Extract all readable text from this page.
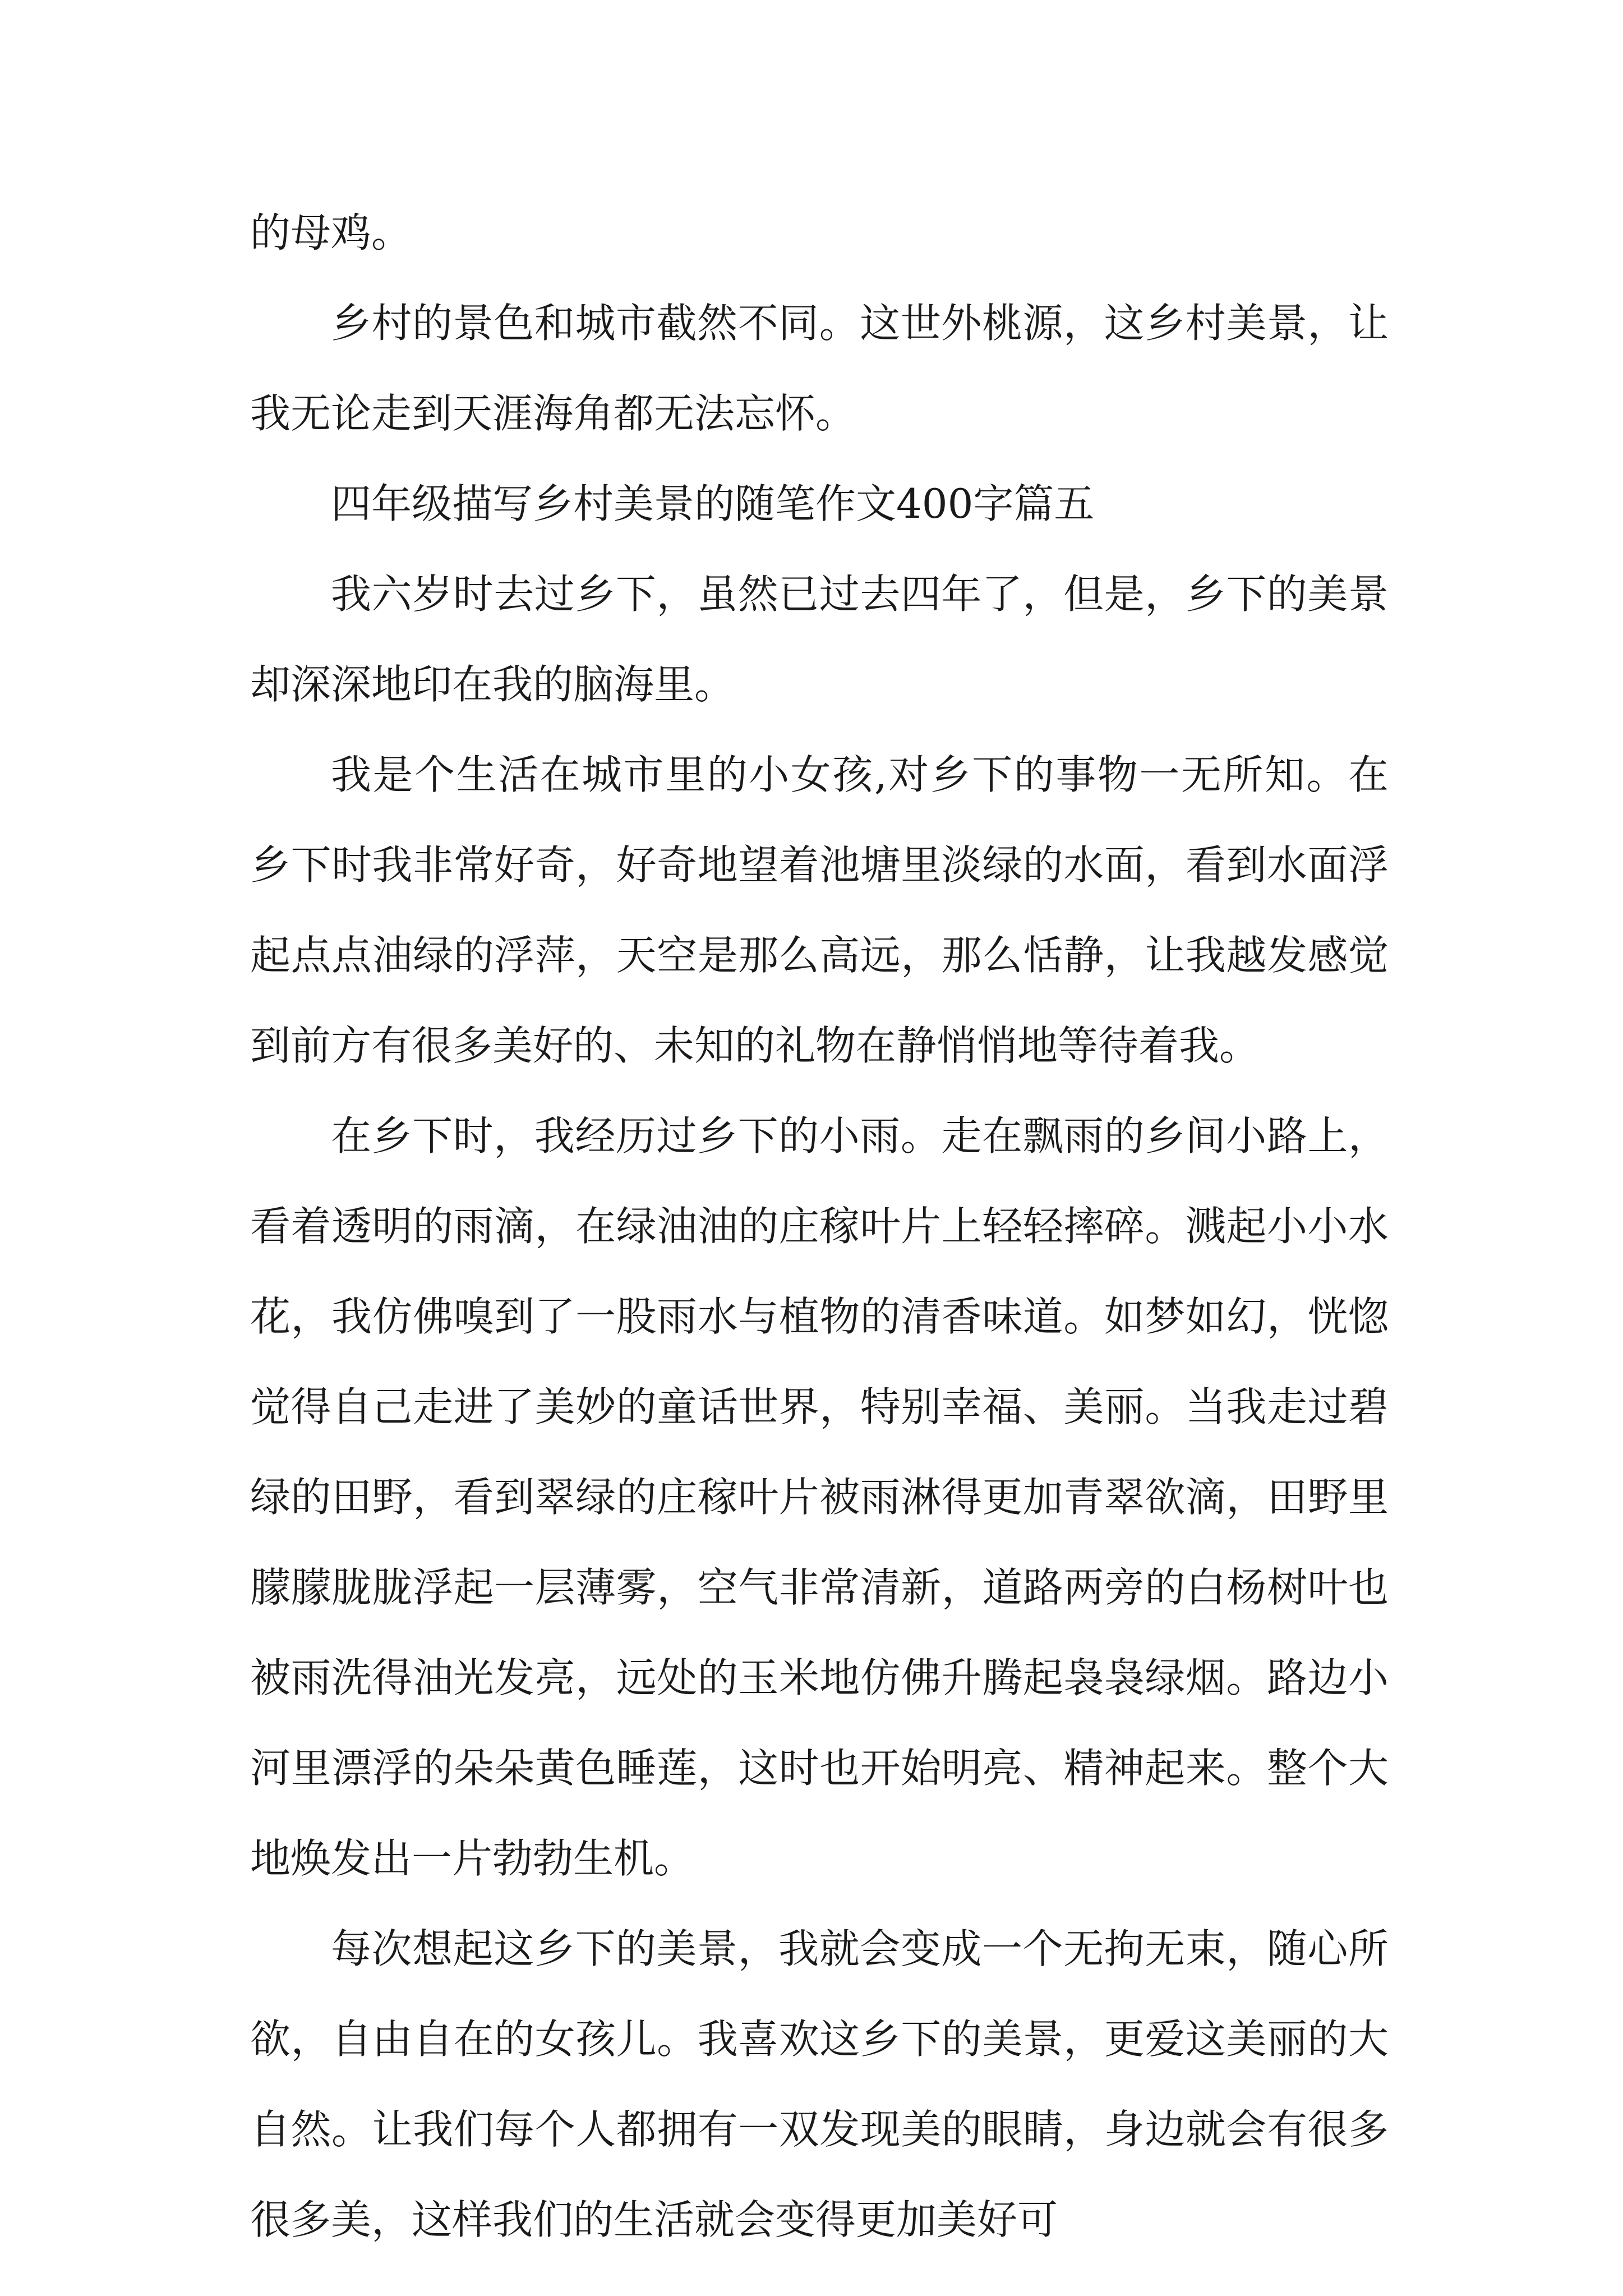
的母鸡。

乡村的景色和城市截然不同。这世外桃源，这乡村美景，让我无论走到天涯海角都无法忘怀。

四年级描写乡村美景的随笔作文400字篇五

我六岁时去过乡下，虽然已过去四年了，但是，乡下的美景却深深地印在我的脑海里。

我是个生活在城市里的小女孩,对乡下的事物一无所知。在乡下时我非常好奇，好奇地望着池塘里淡绿的水面，看到水面浮起点点油绿的浮萍，天空是那么高远，那么恬静，让我越发感觉到前方有很多美好的、未知的礼物在静悄悄地等待着我。

在乡下时，我经历过乡下的小雨。走在飘雨的乡间小路上，看着透明的雨滴，在绿油油的庄稼叶片上轻轻摔碎。溅起小小水花，我仿佛嗅到了一股雨水与植物的清香味道。如梦如幻，恍惚觉得自己走进了美妙的童话世界，特别幸福、美丽。当我走过碧绿的田野，看到翠绿的庄稼叶片被雨淋得更加青翠欲滴，田野里朦朦胧胧浮起一层薄雾，空气非常清新，道路两旁的白杨树叶也被雨洗得油光发亮，远处的玉米地仿佛升腾起袅袅绿烟。路边小河里漂浮的朵朵黄色睡莲，这时也开始明亮、精神起来。整个大地焕发出一片勃勃生机。

每次想起这乡下的美景，我就会变成一个无拘无束，随心所欲，自由自在的女孩儿。我喜欢这乡下的美景，更爱这美丽的大自然。让我们每个人都拥有一双发现美的眼睛，身边就会有很多很多美，这样我们的生活就会变得更加美好可
